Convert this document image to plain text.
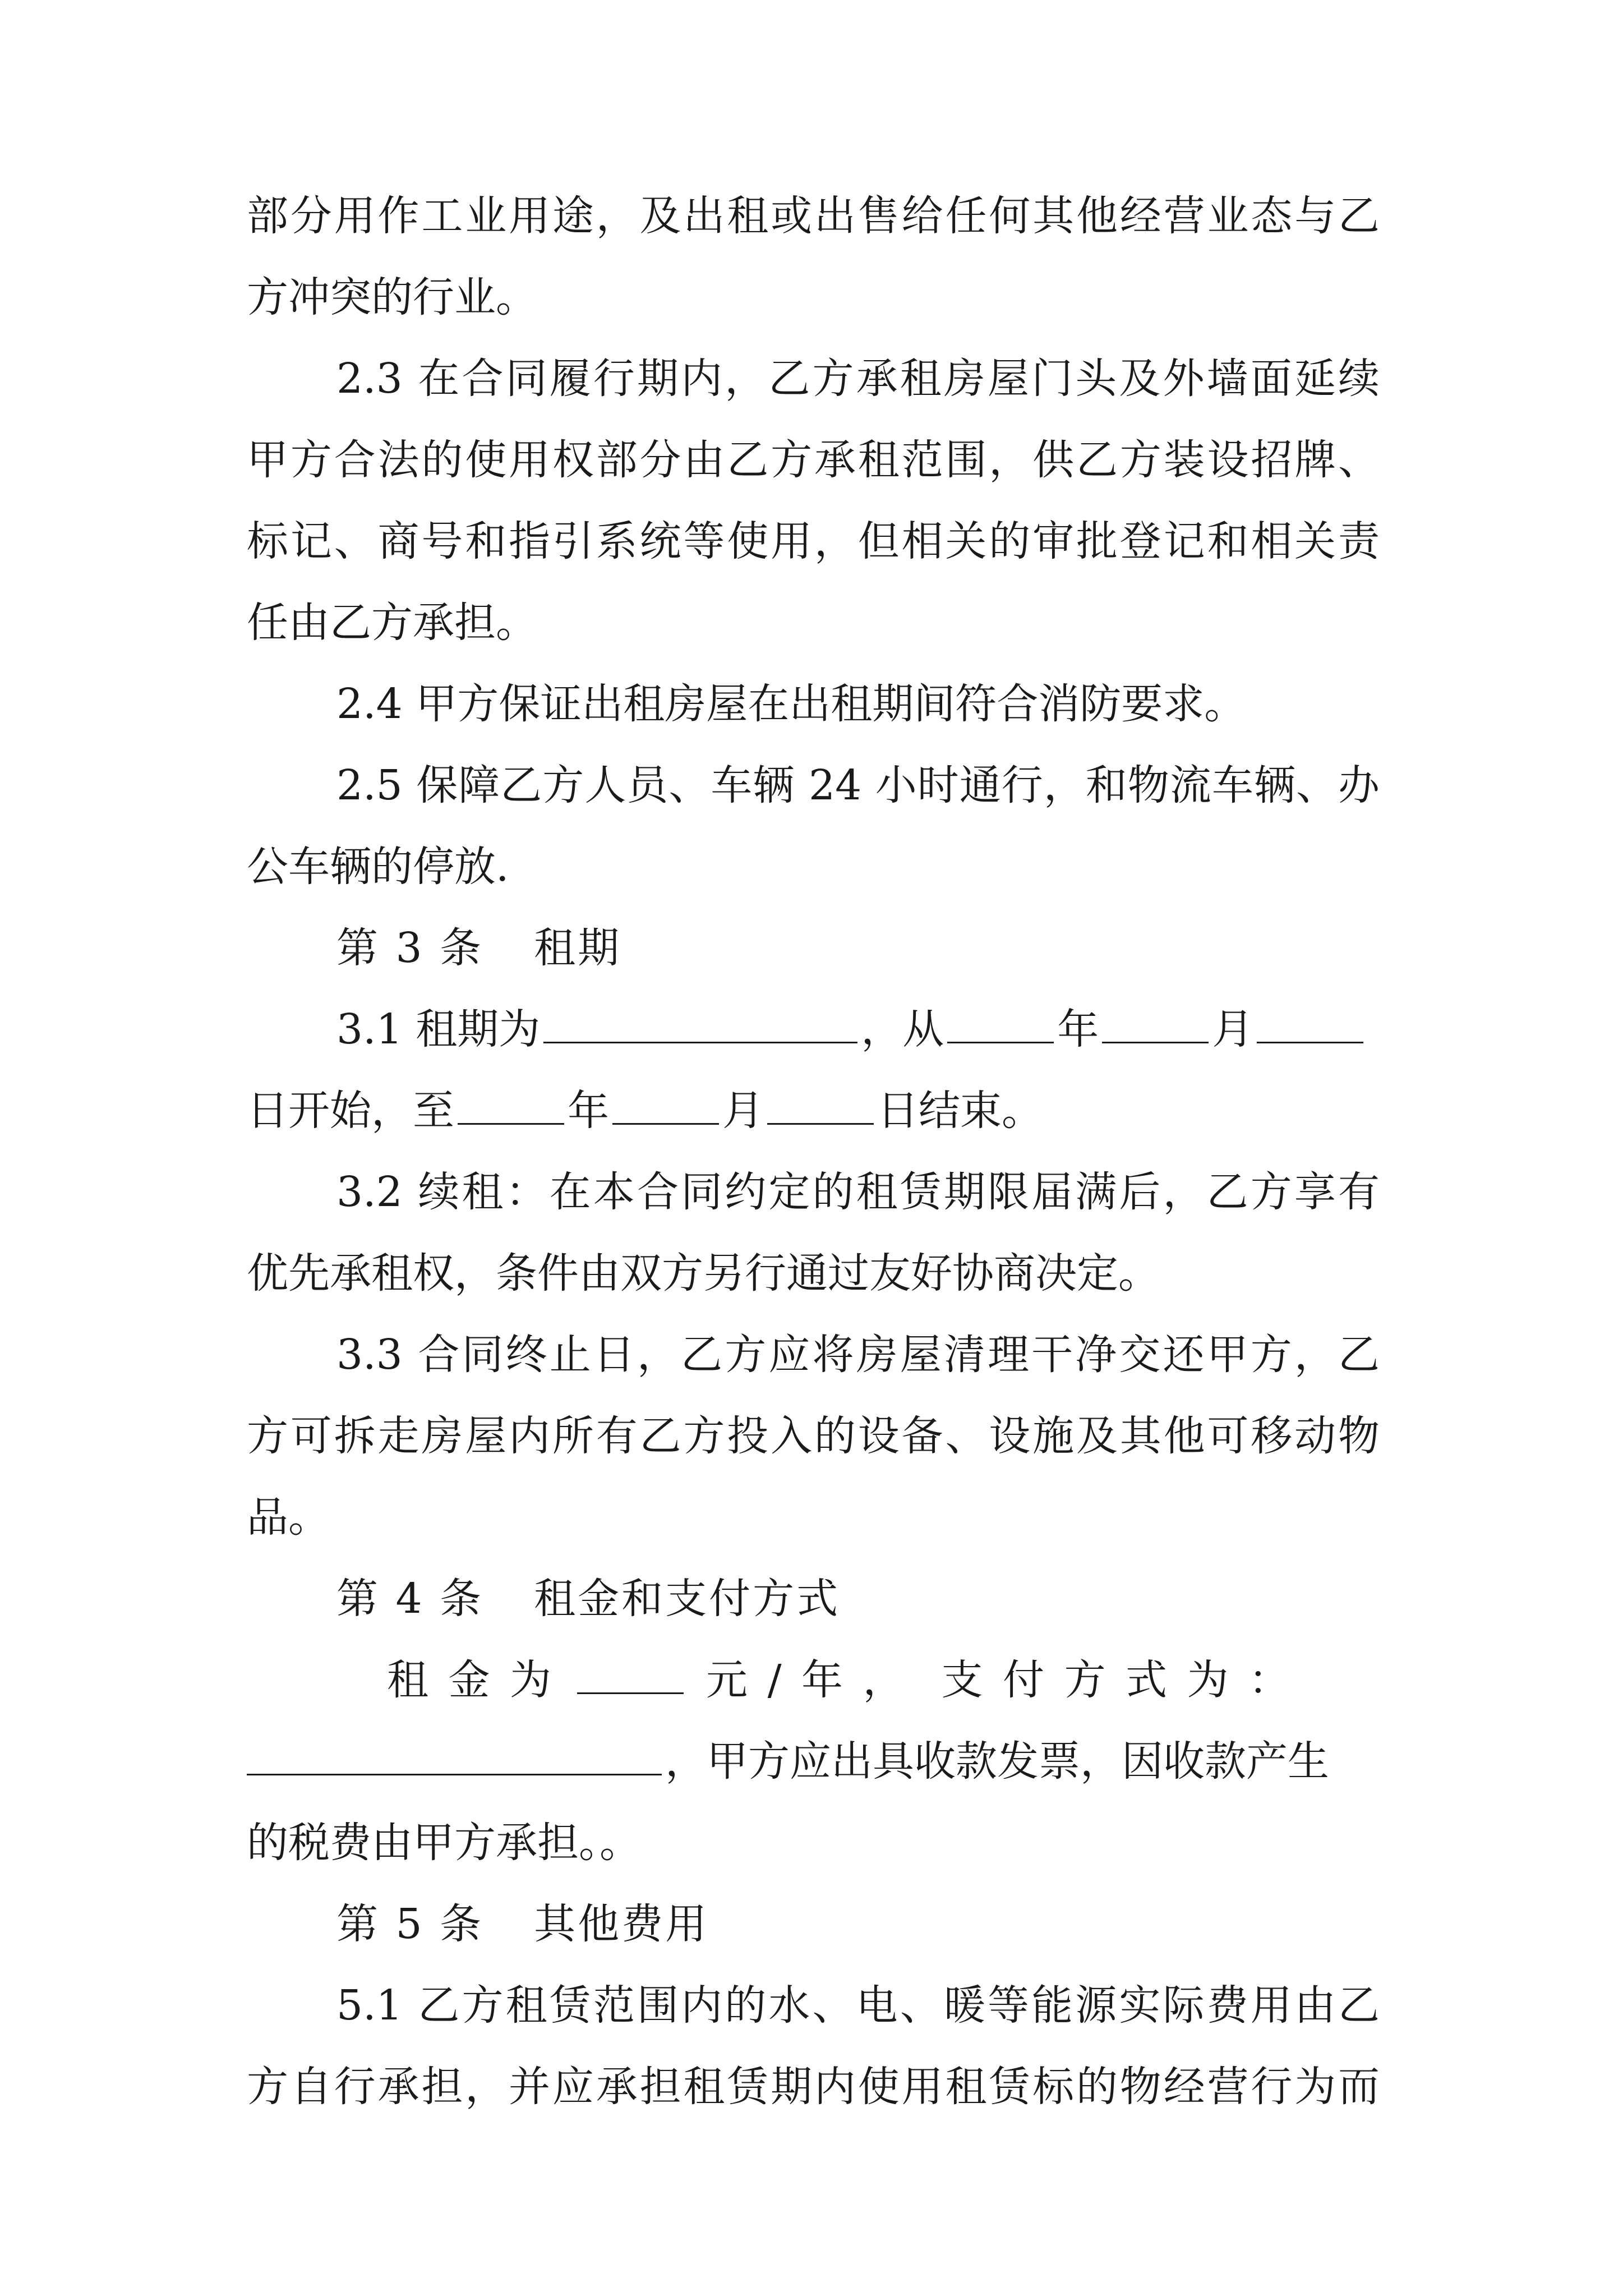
部分用作工业用途，及出租或出售给任何其他经营业态与乙
方冲突的行业。
2.3 在合同履行期内，乙方承租房屋门头及外墙面延续
甲方合法的使用权部分由乙方承租范围，供乙方装设招牌、
标记、商号和指引系统等使用，但相关的审批登记和相关责
任由乙方承担。
2.4 甲方保证出租房屋在出租期间符合消防要求。
2.5 保障乙方人员、车辆 24 小时通行，和物流车辆、办
公车辆的停放.
第 3 条 租期
3.1 租期为	，从	年	月
日开始，至	年	月	日结束。
3.2 续租：在本合同约定的租赁期限届满后，乙方享有
优先承租权，条件由双方另行通过友好协商决定。
3.3 合同终止日，乙方应将房屋清理干净交还甲方，乙
方可拆走房屋内所有乙方投入的设备、设施及其他可移动物
品。
第 4 条 租金和支付方式
租 金 为	元 / 年 ， 支 付 方 式 为 ：
，甲方应出具收款发票，因收款产生
的税费由甲方承担。。
第 5 条 其他费用
5.1 乙方租赁范围内的水、电、暖等能源实际费用由乙
方自行承担，并应承担租赁期内使用租赁标的物经营行为而
